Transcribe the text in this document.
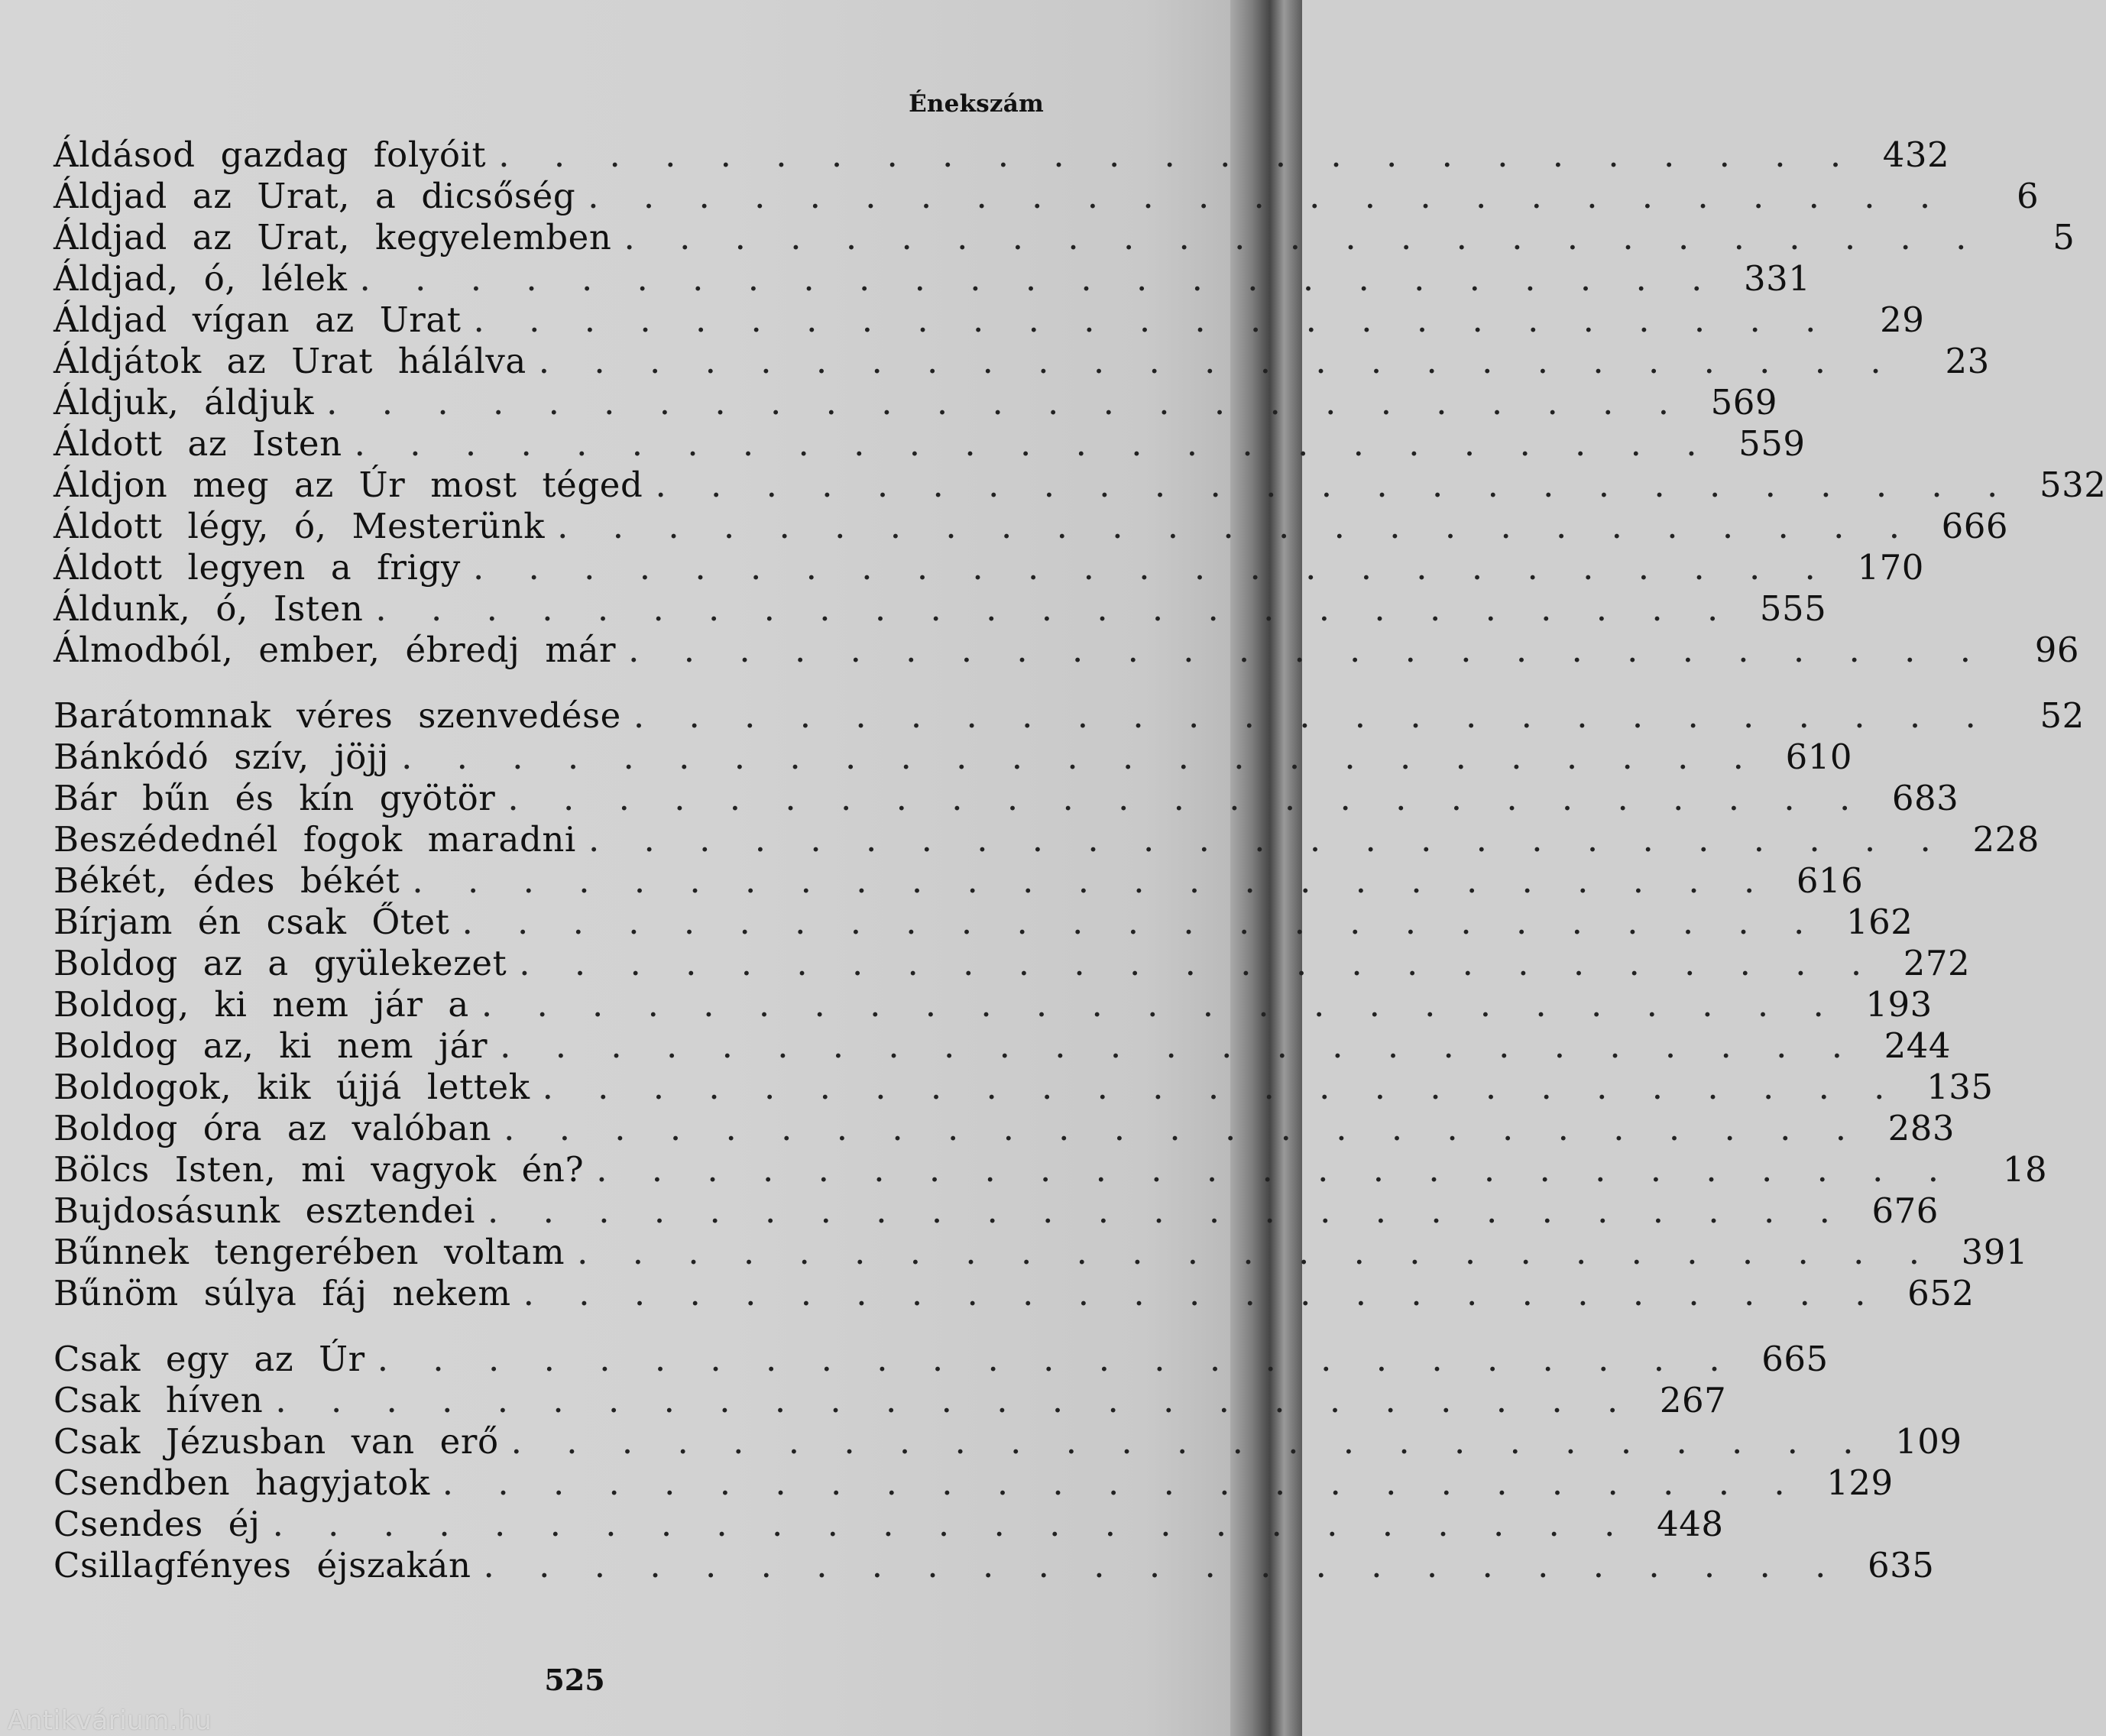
Énekszám
Áldásod gazdag folyóit . . . . . . . . . . . . . . . . . . . . . . . . . 432
Áldjad az Urat, a dicsőség . . . . . . . . . . . . . . . . . . . . . . . . .	6
Áldjad az Urat, kegyelemben . . . . . . . . . . . . . . . . . . . . . . . . .	5
Áldjad, ó, lélek . . . . . . . . . . . . . . . . . . . . . . . . . 331
Áldjad vígan az Urat . . . . . . . . . . . . . . . . . . . . . . . . .	29
Áldjátok az Urat hálálva . . . . . . . . . . . . . . . . . . . . . . . . .	23
Áldjuk, áldjuk . . . . . . . . . . . . . . . . . . . . . . . . . 569
Áldott az Isten . . . . . . . . . . . . . . . . . . . . . . . . . 559
Áldjon meg az Úr most téged . . . . . . . . . . . . . . . . . . . . . . . . . 532
Áldott légy, ó, Mesterünk . . . . . . . . . . . . . . . . . . . . . . . . . 666
Áldott legyen a frigy . . . . . . . . . . . . . . . . . . . . . . . . . 170
Áldunk, ó, Isten . . . . . . . . . . . . . . . . . . . . . . . . . 555
Álmodból, ember, ébredj már . . . . . . . . . . . . . . . . . . . . . . . . .	96
Barátomnak véres szenvedése . . . . . . . . . . . . . . . . . . . . . . . . .	52
Bánkódó szív, jöjj . . . . . . . . . . . . . . . . . . . . . . . . . 610
Bár bűn és kín gyötör . . . . . . . . . . . . . . . . . . . . . . . . . 683
Beszédednél fogok maradni . . . . . . . . . . . . . . . . . . . . . . . . . 228
Békét, édes békét . . . . . . . . . . . . . . . . . . . . . . . . . 616
Bírjam én csak Őtet . . . . . . . . . . . . . . . . . . . . . . . . . 162
Boldog az a gyülekezet . . . . . . . . . . . . . . . . . . . . . . . . . 272
Boldog, ki nem jár a . . . . . . . . . . . . . . . . . . . . . . . . . 193
Boldog az, ki nem jár . . . . . . . . . . . . . . . . . . . . . . . . . 244
Boldogok, kik újjá lettek . . . . . . . . . . . . . . . . . . . . . . . . . 135
Boldog óra az valóban . . . . . . . . . . . . . . . . . . . . . . . . . 283
Bölcs Isten, mi vagyok én? . . . . . . . . . . . . . . . . . . . . . . . . .	18
Bujdosásunk esztendei . . . . . . . . . . . . . . . . . . . . . . . . . 676
Bűnnek tengerében voltam . . . . . . . . . . . . . . . . . . . . . . . . . 391
Bűnöm súlya fáj nekem . . . . . . . . . . . . . . . . . . . . . . . . . 652
Csak egy az Úr . . . . . . . . . . . . . . . . . . . . . . . . . 665
Csak híven . . . . . . . . . . . . . . . . . . . . . . . . . 267
Csak Jézusban van erő . . . . . . . . . . . . . . . . . . . . . . . . . 109
Csendben hagyjatok . . . . . . . . . . . . . . . . . . . . . . . . . 129
Csendes éj . . . . . . . . . . . . . . . . . . . . . . . . . 448
Csillagfényes éjszakán . . . . . . . . . . . . . . . . . . . . . . . . . 635
525
Antikvárium.hu
